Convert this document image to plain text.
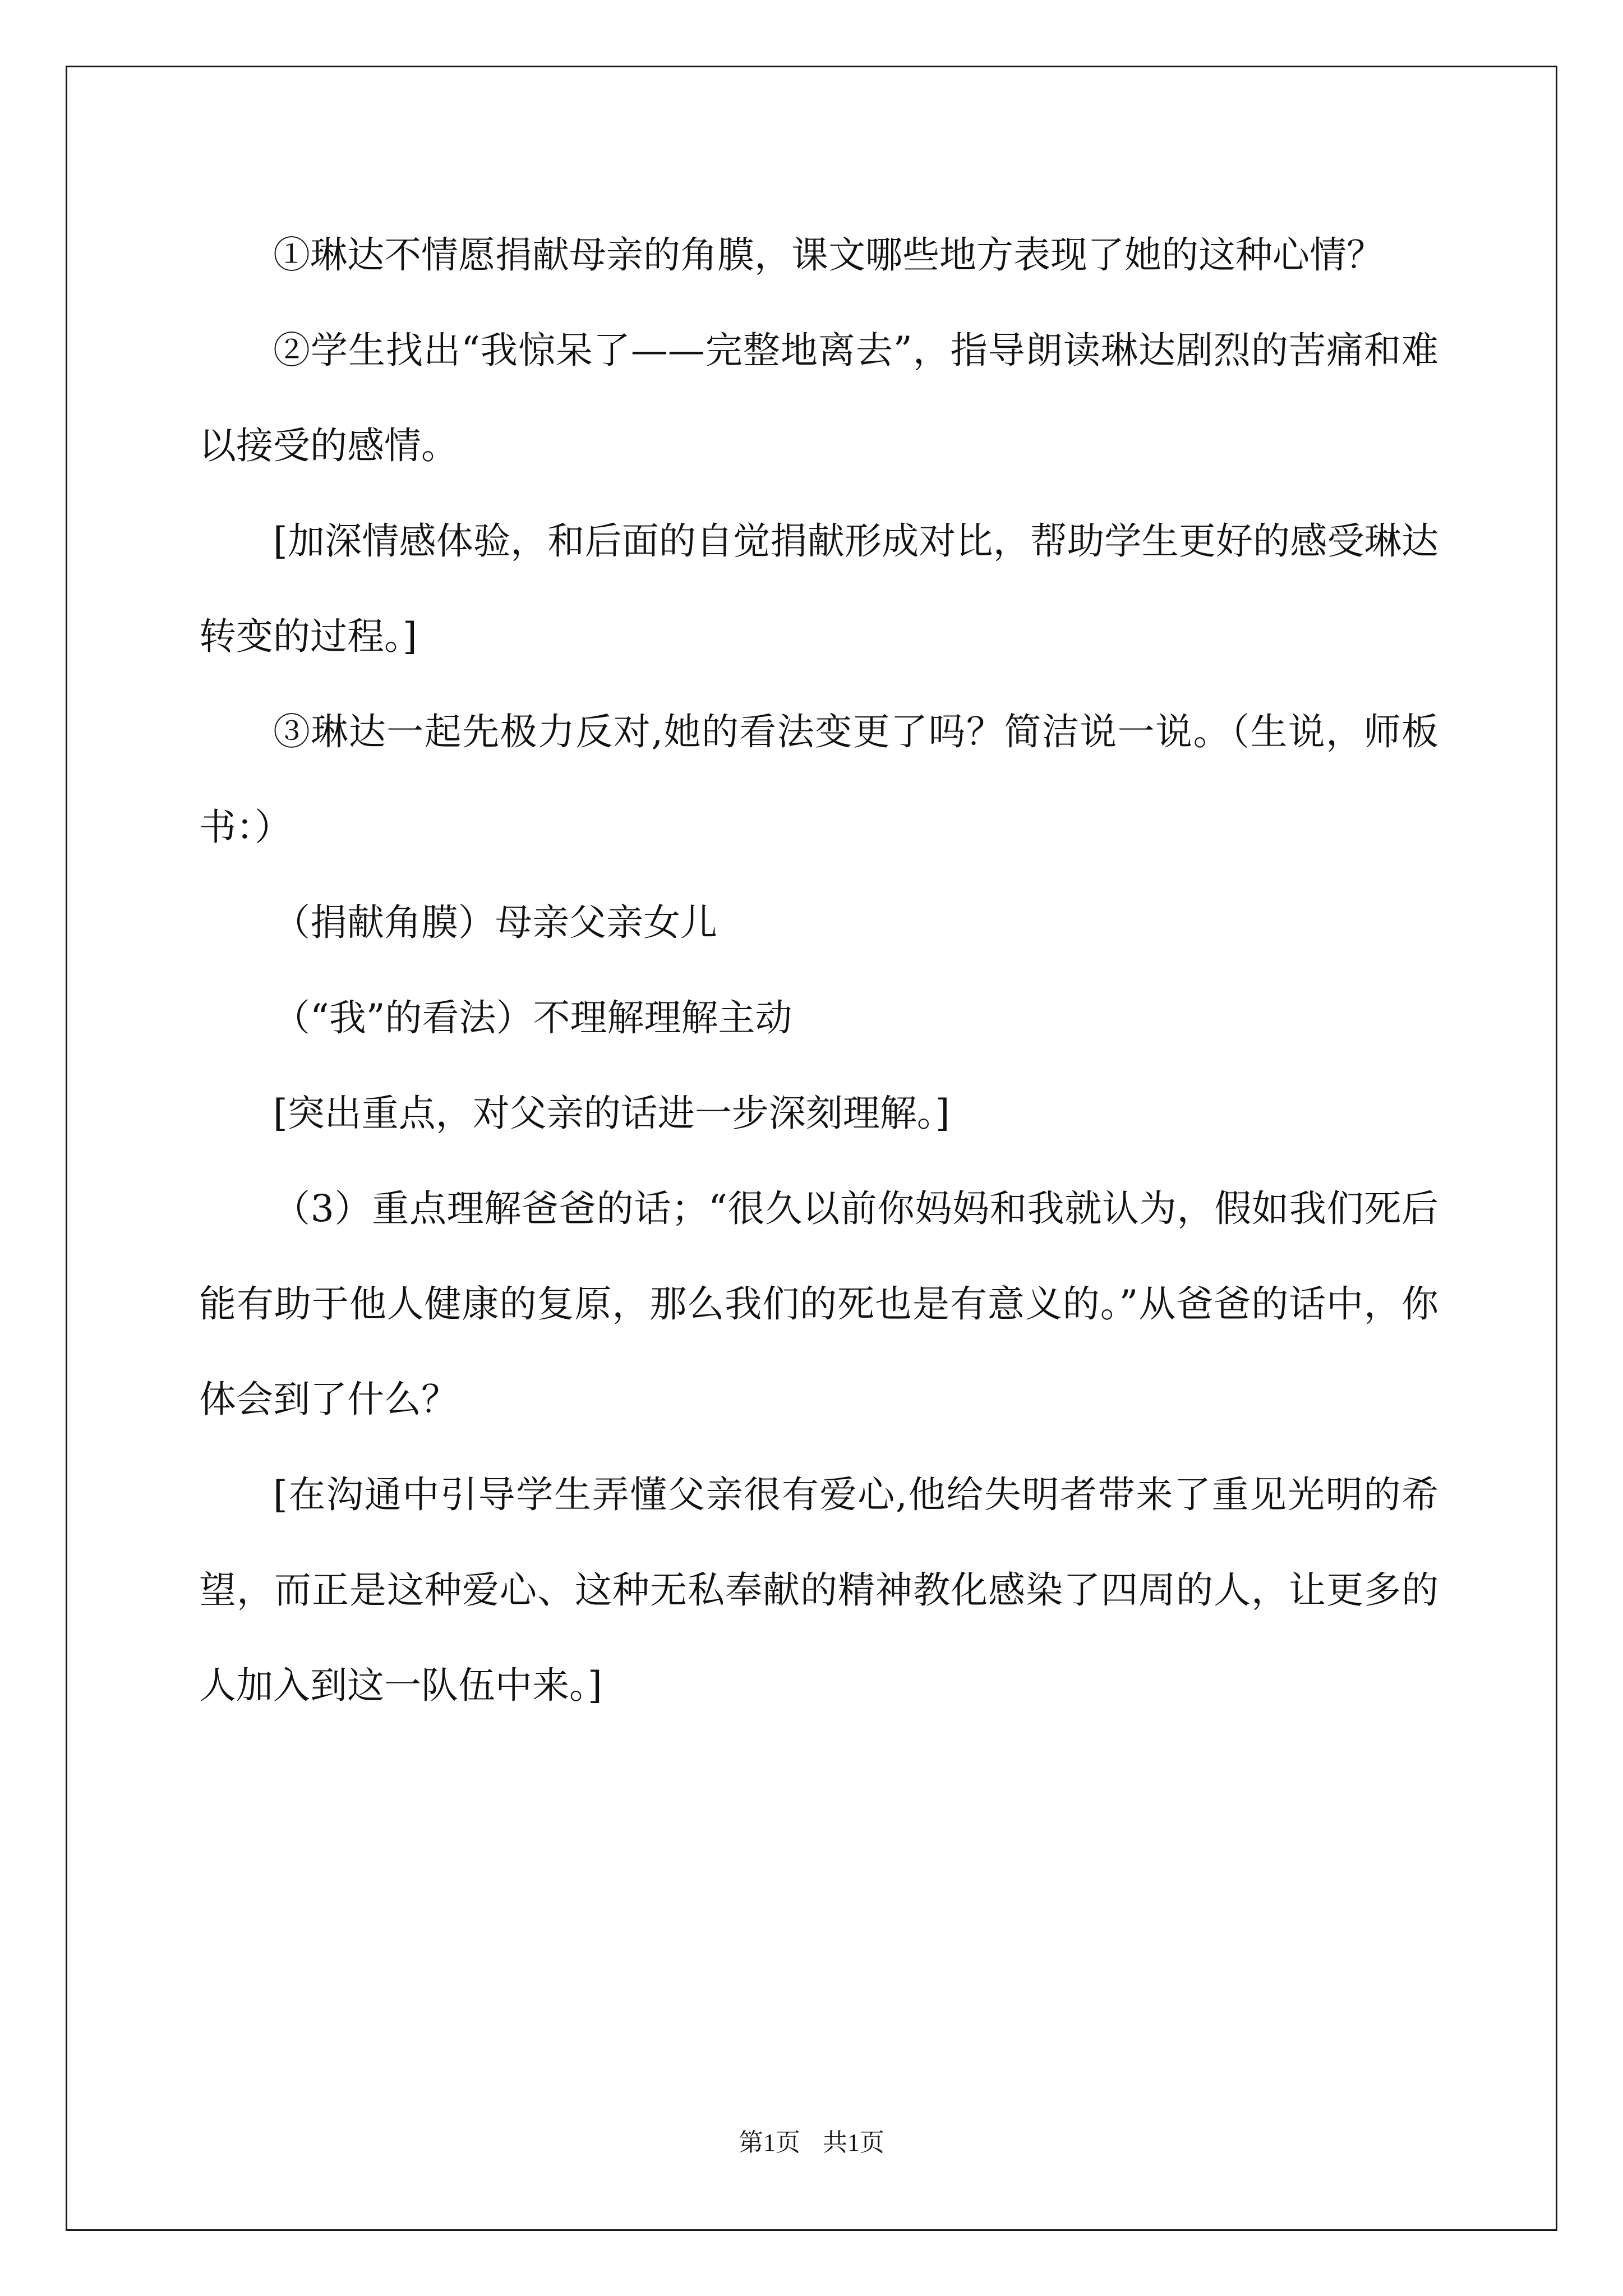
①琳达不情愿捐献母亲的角膜，课文哪些地方表现了她的这种心情？

②学生找出“我惊呆了——完整地离去”，指导朗读琳达剧烈的苦痛和难以接受的感情。

[加深情感体验，和后面的自觉捐献形成对比，帮助学生更好的感受琳达转变的过程。]

③琳达一起先极力反对,她的看法变更了吗？简洁说一说。（生说，师板书：）

（捐献角膜）母亲父亲女儿

（“我”的看法）不理解理解主动

[突出重点，对父亲的话进一步深刻理解。]

（3）重点理解爸爸的话；“很久以前你妈妈和我就认为，假如我们死后能有助于他人健康的复原，那么我们的死也是有意义的。”从爸爸的话中，你体会到了什么？

[在沟通中引导学生弄懂父亲很有爱心,他给失明者带来了重见光明的希望，而正是这种爱心、这种无私奉献的精神教化感染了四周的人，让更多的人加入到这一队伍中来。]

第1页 共1页
